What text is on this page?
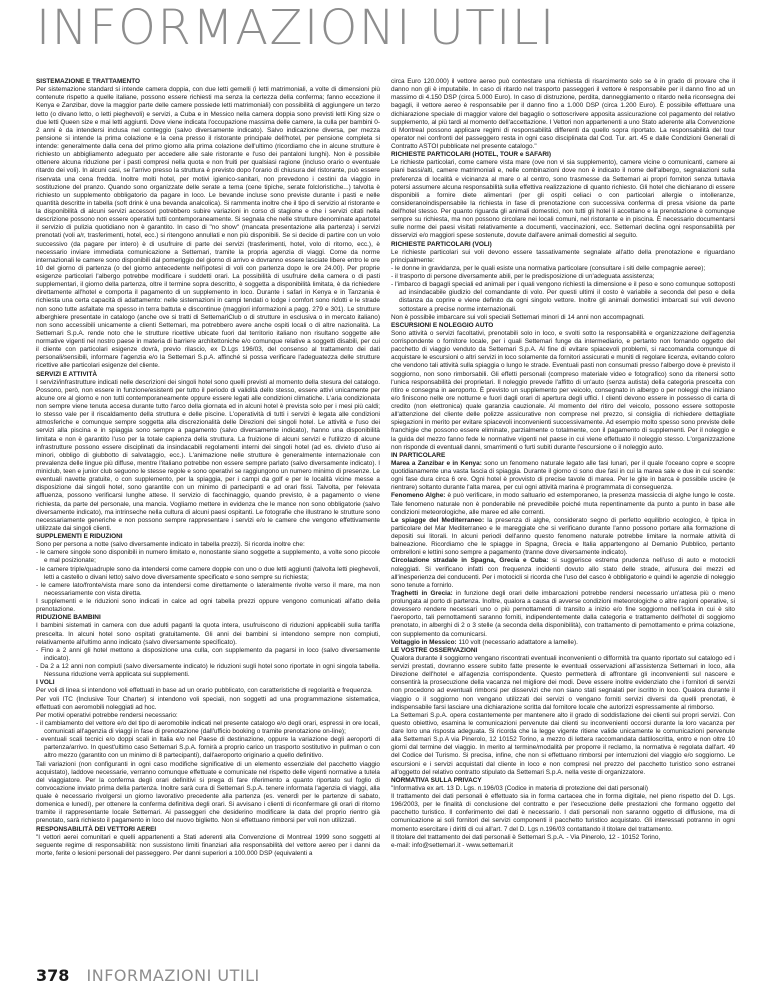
INFORMAZIONI UTILI

SISTEMAZIONE E TRATTAMENTO

Per sistemazione standard si intende camera doppia, con due letti gemelli (i letti matrimoniali, a volte di dimensioni più contenute rispetto a quelle italiane, possono essere richiesti ma senza la certezza della conferma; fanno eccezione il Kenya e Zanzibar, dove la maggior parte delle camere possiede letti matrimoniali) con possibilità di aggiungere un terzo letto (o divano letto, o letti pieghevoli) e servizi, a Cuba e in Messico nella camera doppia sono previsti letti King size o due letti Queen size e mai letti aggiunti. Dove viene indicata l'occupazione massima delle camere, la culla per bambini 0-2 anni è da intendersi inclusa nel conteggio (salvo diversamente indicato). Salvo indicazione diversa, per mezza pensione si intende la prima colazione e la cena presso il ristorante principale dell'hotel, per pensione completa si intende: generalmente dalla cena del primo giorno alla prima colazione dell'ultimo (ricordiamo che in alcune strutture è richiesto un abbigliamento adeguato per accedere alle sale ristorante e l'uso dei pantaloni lunghi). Non è possibile ottenere alcuna riduzione per i pasti compresi nella quota e non fruiti per qualsiasi ragione (incluso orario o eventuale ritardo dei voli). In alcuni casi, se l'arrivo presso la struttura è previsto dopo l'orario di chiusura del ristorante, può essere riservata una cena fredda. Inoltre molti hotel, per motivi igienico-sanitari, non prevedono i cestini da viaggio in sostituzione del pranzo. Quando sono organizzate delle serate a tema (cene tipiche, serate folcloristiche...) talvolta è richiesto un supplemento obbligatorio da pagare in loco. Le bevande incluse sono previste durante i pasti e nelle quantità descritte in tabella (soft drink è una bevanda analcolica). Si rammenta inoltre che il tipo di servizio al ristorante e la disponibilità di alcuni servizi accessori potrebbero subire variazioni in corso di stagione e che i servizi citati nella descrizione possono non essere operativi tutti contemporaneamente. Si segnala che nelle strutture denominate apartotel il servizio di pulizia quotidiano non è garantito. In caso di "no show" (mancata presentazione alla partenza) i servizi prenotati (voli a/r, trasferimenti, hotel, ecc.) si ritengono annullati e non più disponibili. Se si decide di partire con un volo successivo (da pagare per intero) è di usufruire di parte dei servizi (trasferimenti, hotel, volo di ritorno, ecc.), è necessario inviare immediata comunicazione a Settemari, tramite la propria agenzia di viaggi. Come da norme internazionali le camere sono disponibili dal pomeriggio del giorno di arrivo e dovranno essere lasciate libere entro le ore 10 del giorno di partenza (o del giorno antecedente nell'ipotesi di voli con partenza dopo le ore 24.00). Per proprie esigenze particolari l'albergo potrebbe modificare i suddetti orari. La possibilità di usufruire della camera o di pasti supplementari, il giorno della partenza, oltre il termine sopra descritto, è soggetta a disponibilità limitata, è da richiedere direttamente all'hotel e comporta il pagamento di un supplemento in loco. Durante i safari in Kenya e in Tanzania è richiesta una certa capacità di adattamento: nelle sistemazioni in campi tendati o lodge i comfort sono ridotti e le strade non sono tutte asfaltate ma spesso in terra battuta e discontinue (maggiori informazioni a pagg. 279 e 301). Le strutture alberghiere presentate in catalogo (anche ove si tratti di SettemariClub o di strutture in esclusiva o in mercato italiano) non sono accessibili unicamente a clienti Settemari, ma potrebbero avere anche ospiti locali o di altre nazionalità. La Settemari S.p.A. rende noto che le strutture ricettive ubicate fuori dal territorio italiano non risultano soggette alle normative vigenti nel nostro paese in materia di barriere architettoniche e/o comunque relative a soggetti disabili, per cui il cliente con particolari esigenze dovrà, previo rilascio, ex D.Lgs 196/03, del consenso al trattamento dei dati personali/sensibili, informare l'agenzia e/o la Settemari S.p.A. affinché si possa verificare l'adeguatezza delle strutture ricettive alle particolari esigenze del cliente.

SERVIZI E ATTIVITÀ

I servizi/infrastrutture indicati nelle descrizioni dei singoli hotel sono quelli previsti al momento della stesura del catalogo. Possono, però, non essere in funzione/esistenti per tutto il periodo di validità dello stesso, essere attivi unicamente per alcune ore al giorno e non tutti contemporaneamente oppure essere legati alle condizioni climatiche. L'aria condizionata non sempre viene tenuta accesa durante tutto l'arco della giornata ed in alcuni hotel è prevista solo per i mesi più caldi; lo stesso vale per il riscaldamento della struttura e delle piscine. L'operatività di tutti i servizi è legata alle condizioni atmosferiche e comunque sempre soggetta alla discrezionalità delle Direzioni dei singoli hotel. Le attività e l'uso dei servizi alla piscina e in spiaggia sono sempre a pagamento (salvo diversamente indicato), hanno una disponibilità limitata e non è garantito l'uso per la totale capienza della struttura. La fruizione di alcuni servizi e l'utilizzo di alcune infrastrutture possono essere disciplinati da insindacabili regolamenti interni dei singoli hotel (ad es. divieto d'uso ai minori, obbligo di giubbotto di salvataggio, ecc.). L'animazione nelle strutture è generalmente internazionale con prevalenza delle lingue più diffuse, mentre l'italiano potrebbe non essere sempre parlato (salvo diversamente indicato). I miniclub, teen e junior club seguono le stesse regole e sono operativi se raggiungono un numero minimo di presenze. Le eventuali navette gratuite, o con supplemento, per la spiaggia, per i campi da golf e per le località vicine messe a disposizione dai singoli hotel, sono garantite con un minimo di partecipanti e ad orari fissi. Talvolta, per l'elevata affluenza, possono verificarsi lunghe attese. Il servizio di facchinaggio, quando previsto, è a pagamento o viene richiesta, da parte del personale, una mancia. Vogliamo mettere in evidenza che le mance non sono obbligatorie (salvo diversamente indicato), ma intrinseche nella cultura di alcuni paesi ospitanti. Le fotografie che illustrano le strutture sono necessariamente generiche e non possono sempre rappresentare i servizi e/o le camere che vengono effettivamente utilizzate dai singoli clienti.

SUPPLEMENTI E RIDUZIONI

Sono per persona a notte (salvo diversamente indicato in tabella prezzi). Si ricorda inoltre che:

- le camere singole sono disponibili in numero limitato e, nonostante siano soggette a supplemento, a volte sono piccole e mal posizionate;
- le camere triple/quadruple sono da intendersi come camere doppie con uno o due letti aggiunti (talvolta letti pieghevoli, letti a castello o divani letto) salvo dove diversamente specificato e sono sempre su richiesta;
- le camere lato/fronte/vista mare sono da intendersi come direttamente o lateralmente rivolte verso il mare, ma non necessariamente con vista diretta.

I supplementi e le riduzioni sono indicati in calce ad ogni tabella prezzi oppure vengono comunicati all'atto della prenotazione.

RIDUZIONE BAMBINI

I bambini sistemati in camera con due adulti paganti la quota intera, usufruiscono di riduzioni applicabili sulla tariffa prescelta. In alcuni hotel sono ospitati gratuitamente. Gli anni dei bambini si intendono sempre non compiuti, relativamente all'ultimo anno indicato (salvo diversamente specificato).

- Fino a 2 anni gli hotel mettono a disposizione una culla, con supplemento da pagarsi in loco (salvo diversamente indicato).
- Da 2 a 12 anni non compiuti (salvo diversamente indicato) le riduzioni sugli hotel sono riportate in ogni singola tabella. Nessuna riduzione verrà applicata sui supplementi.

I VOLI

Per voli di linea si intendono voli effettuati in base ad un orario pubblicato, con caratteristiche di regolarità e frequenza.

Per voli ITC (Inclusive Tour Charter) si intendono voli speciali, non soggetti ad una programmazione sistematica, effettuati con aeromobili noleggiati ad hoc.

Per motivi operativi potrebbe rendersi necessario:

- il cambiamento del vettore e/o del tipo di aeromobile indicati nel presente catalogo e/o degli orari, espressi in ore locali, comunicati all'agenzia di viaggi in fase di prenotazione (dall'ufficio booking o tramite prenotazione on-line);
- eventuali scali tecnici e/o doppi scali in Italia e/o nel Paese di destinazione, oppure la variazione degli aeroporti di partenza/arrivo. In quest'ultimo caso Settemari S.p.A. fornirà a proprio carico un trasporto sostitutivo in pullman o con altro mezzo (garantito con un minimo di 8 partecipanti), dall'aeroporto originario a quello definitivo.

Tali variazioni (non configuranti in ogni caso modifiche significative di un elemento essenziale del pacchetto viaggio acquistato), laddove necessarie, verranno comunque effettuate e comunicate nel rispetto delle vigenti normative a tutela del viaggiatore. Per la conferma degli orari definitivi si prega di fare riferimento a quanto riportato sul foglio di convocazione inviato prima della partenza. Inoltre sarà cura di Settemari S.p.A. tenere informata l'agenzia di viaggi, alla quale è necessario rivolgersi un giorno lavorativo precedente alla partenza (es. venerdì per le partenze di sabato, domenica e lunedì), per ottenere la conferma definitiva degli orari. Si avvisano i clienti di riconfermare gli orari di ritorno tramite il rappresentante locale Settemari. Ai passeggeri che desiderino modificare la data del proprio rientro già prenotato, sarà richiesto il pagamento in loco del nuovo biglietto. Non si effettuano rimborsi per voli non utilizzati.

RESPONSABILITÀ DEI VETTORI AEREI

"I vettori aerei comunitari e quelli appartenenti a Stati aderenti alla Convenzione di Montreal 1999 sono soggetti al seguente regime di responsabilità: non sussistono limiti finanziari alla responsabilità del vettore aereo per i danni da morte, ferite o lesioni personali del passeggero. Per danni superiori a 100.000 DSP (equivalenti a

circa Euro 120.000) il vettore aereo può contestare una richiesta di risarcimento solo se è in grado di provare che il danno non gli è imputabile. In caso di ritardo nel trasporto passeggeri il vettore è responsabile per il danno fino ad un massimo di 4.150 DSP (circa 5.000 Euro). In caso di distruzione, perdita, danneggiamento o ritardo nella riconsegna dei bagagli, il vettore aereo è responsabile per il danno fino a 1.000 DSP (circa 1.200 Euro). È possibile effettuare una dichiarazione speciale di maggior valore del bagaglio o sottoscrivere apposita assicurazione col pagamento del relativo supplemento, al più tardi al momento dell'accettazione. I Vettori non appartenenti a uno Stato aderente alla Convenzione di Montreal possono applicare regimi di responsabilità differenti da quello sopra riportato. La responsabilità del tour operator nei confronti del passeggero resta in ogni caso disciplinata dal Cod. Tur. art. 45 e dalle Condizioni Generali di Contratto ASTOI pubblicate nel presente catalogo."

RICHIESTE PARTICOLARI (HOTEL, TOUR e SAFARI)

Le richieste particolari, come camere vista mare (ove non vi sia supplemento), camere vicine o comunicanti, camere ai piani bassi/alti, camere matrimoniali e, nelle combinazioni dove non è indicato il nome dell'albergo, segnalazioni sulla preferenza di località e vicinanza al mare o al centro, sono trasmesse da Settemari ai propri fornitori senza tuttavia potersi assumere alcuna responsabilità sulla effettiva realizzazione di quanto richiesto. Gli hotel che dichiarano di essere disponibili a fornire diete alimentari (per gli ospiti celiaci o con particolari allergie o intolleranze, consideranoindispensabile la richiesta in fase di prenotazione con successiva conferma di presa visione da parte dell'hotel stesso. Per quanto riguarda gli animali domestici, non tutti gli hotel li accettano e la prenotazione è comunque sempre su richiesta, ma non possono circolare nei locali comuni, nel ristorante e in piscina. È necessario documentarsi sulle norme dei paesi visitati relativamente a documenti, vaccinazioni, ecc. Settemari declina ogni responsabilità per disservizi e/o maggiori spese sostenute, dovute dall'avere animali domestici al seguito.

RICHIESTE PARTICOLARI (VOLI)

Le richieste particolari sui voli devono essere tassativamente segnalate all'atto della prenotazione e riguardano principalmente:

- le donne in gravidanza, per le quali esiste una normativa particolare (consultare i siti delle compagnie aeree);
- il trasporto di persone diversamente abili, per le predisposizione di un'adeguata assistenza;
- l'imbarco di bagagli speciali ed animali per i quali vengono richiesti la dimensione e il peso e sono comunque sottoposti ad insindacabile giudizio del comandante di volo. Per questi ultimi il costo è variabile a seconda del peso e della distanza da coprire e viene definito da ogni singolo vettore. Inoltre gli animali domestici imbarcati sui voli devono sottostare a precise norme internazionali.

Non è possibile imbarcare sui voli speciali Settemari minori di 14 anni non accompagnati.

ESCURSIONI E NOLEGGIO AUTO

Sono attività o servizi facoltativi, prenotabili solo in loco, e svolti sotto la responsabilità e organizzazione dell'agenzia corrispondente o fornitore locale, per i quali Settemari funge da intermediario, e pertanto non fornando oggetto del pacchetto di viaggio venduto da Settemari S.p.A. Al fine di evitare spiacevoli problemi, si raccomanda comunque di acquistare le escursioni o altri servizi in loco solamente da fornitori assicurati e muniti di regolare licenza, evitando coloro che vendono tali attività sulla spiaggia o lungo le strade. Eventuali pasti non consumati presso l'albergo dove è previsto il soggiorno, non sono rimborsabili. Gli effetti personali (compreso materiale video e fotografico) sono da ritenersi sotto l'unica responsabilità dei proprietari. Il noleggio prevede l'affitto di un'auto (senza autista) della categoria prescelta con ritiro e consegna in aeroporto. È previsto un supplemento per veicolo, consegnato in albergo o per noleggi che iniziano e/o finiscono nelle ore notturne e fuori dagli orari di apertura degli uffici. I clienti devono essere in possesso di carta di credito (non elettronica) quale garanzia cauzionale. Al momento del ritiro del veicolo, possono essere sottoposte all'attenzione del cliente delle polizze assicurative non comprese nel prezzo, si consiglia di richiedere dettagliate spiegazioni in merito per evitare spiacevoli inconvenienti successivamente. Ad esempio molto spesso sono previste delle franchigie che possono essere eliminate, parzialmente o totalmente, con il pagamento di supplementi. Per il noleggio e la guida del mezzo fanno fede le normative vigenti nel paese in cui viene effettuato il noleggio stesso. L'organizzazione non risponde di eventuali danni, smarrimenti o furti subiti durante l'escursione o il noleggio auto.

IN PARTICOLARE

Marea a Zanzibar e in Kenya: sono un fenomeno naturale legato alle fasi lunari, per il quale l'oceano copre e scopre quotidianamente una vasta fascia di spiaggia. Durante il giorno ci sono due fasi in cui la marea sale e due in cui scende: ogni fase dura circa 6 ore. Ogni hotel è provvisto di precise tavole di marea. Per le gite in barca è possibile uscire (e rientrare) soltanto durante l'alta marea, per cui ogni attività marina è programmata di conseguenza.

Fenomeno Alghe: è può verificare, in modo saltuario ed estemporaneo, la presenza massiccia di alghe lungo le coste. Tale fenomeno naturale non è ponderabile né prevedibile poiché muta repentinamente da punto a punto in base alle condizioni meteorologiche, alle maree ed alle correnti.

Le spiagge del Mediterraneo: la presenza di alghe, considerato segno di perfetto equilibrio ecologico, è tipica in particolare del Mar Mediterraneo e le mareggiate che si verificano durante l'anno possono portare alla formazione di depositi sui litorali. In alcuni periodi dell'anno questo fenomeno naturale potrebbe limitare la normale attività di balneazione. Ricordiamo che le spiagge in Spagna, Grecia e Italia appartengono al Demanio Pubblico, pertanto ombrelloni e lettini sono sempre a pagamento (tranne dove diversamente indicato).

Circolazione stradale in Spagna, Grecia e Cuba: si suggerisce estrema prudenza nell'uso di auto e motocicli noleggiati. Si verificano infatti con frequenza incidenti dovuto allo stato delle strade, all'usura dei mezzi ed all'inesperienza dei conducenti. Per i motocicli si ricorda che l'uso del casco è obbligatorio e quindi le agenzie di noleggio sono tenute a fornirlo.

Traghetti in Grecia: in funzione degli orari delle imbarcazioni potrebbe rendersi necessario un'attesa più o meno prolungata al porto di partenza. Inoltre, qualora a causa di avverse condizioni meteorologiche o altre ragioni operative, si dovessero rendere necessari uno o più pernottamenti di transito a inizio e/o fine soggiorno nell'isola in cui è sito l'aeroporto, tali pernottamenti saranno forniti, indipendentemente dalla categoria e trattamento dell'hotel di soggiorno prenotato, in alberghi di 2 o 3 stelle (a seconda della disponibilità), con trattamento di pernottamento e prima colazione, con supplemento da comunicarsi.

Voltaggio in Messico: 110 volt (necessario adattatore a lamelle).

LE VOSTRE OSSERVAZIONI

Qualora durante il soggiorno vengano riscontrati eventuali inconvenienti o difformità tra quanto riportato sul catalogo ed i servizi prestati, dovranno essere subito fatte presente le eventuali osservazioni all'assistenza Settemari in loco, alla Direzione dell'hotel e all'agenzia corrispondente. Questo permetterà di affrontare gli inconvenienti sul nascere e consentirà la prosecuzione della vacanza nel migliore dei modi. Deve essere inoltre evidenziato che i fornitori di servizi non procedono ad eventuali rimborsi per disservizi che non siano stati segnalati per iscritto in loco. Qualora durante il viaggio o il soggiorno non vengano utilizzati dei servizi o vengano forniti servizi diversi da quelli prenotati, è indispensabile farsi lasciare una dichiarazione scritta dal fornitore locale che autorizzi espressamente al rimborso.
La Settemari S.p.A. opera costantemente per mantenere alto il grado di soddisfazione dei clienti sui propri servizi. Con questo obiettivo, esamina le comunicazioni pervenute dai clienti su inconvenienti occorsi durante la loro vacanza per dare loro una risposta adeguata. Si ricorda che la legge vigente ritiene valide unicamente le comunicazioni pervenute alla Settemari S.p.A via Pinerolo, 12 10152 Torino, a mezzo di lettera raccomandata dattiloscritta, entro e non oltre 10 giorni dal termine del viaggio. In merito al termine/modalità per proporre il reclamo, la normativa è regolata dall'art. 49 del Codice del Turismo. Si precisa, infine, che non si effettuano rimborsi per interruzioni del viaggio e/o soggiorno. Le escursioni e i servizi acquistati dal cliente in loco e non compresi nel prezzo del pacchetto turistico sono estranei all'oggetto del relativo contratto stipulato da Settemari S.p.A. nella veste di organizzatore.

NORMATIVA SULLA PRIVACY

"Informativa ex art. 13 D. Lgs. n.196/03 (Codice in materia di protezione dei dati personali)
Il trattamento dei dati personali è effettuato sia in forma cartacea che in forma digitale, nel pieno rispetto del D. Lgs. 196/2003, per le finalità di conclusione del contratto e per l'esecuzione delle prestazioni che formano oggetto del pacchetto turistico. Il conferimento dei dati è necessario. I dati personali non saranno oggetto di diffusione, ma di comunicazione ai soli fornitori dei servizi componenti il pacchetto turistico acquistato. Gli interessati potranno in ogni momento esercitare i diritti di cui all'art. 7 del D. Lgs n.196/03 contattando il titolare del trattamento.
Il titolare del trattamento dei dati personali è Settemari S.p.A. - Via Pinerolo, 12 - 10152 Torino,
e-mail: info@settemari.it - www.settemari.it

378 INFORMAZIONI UTILI
